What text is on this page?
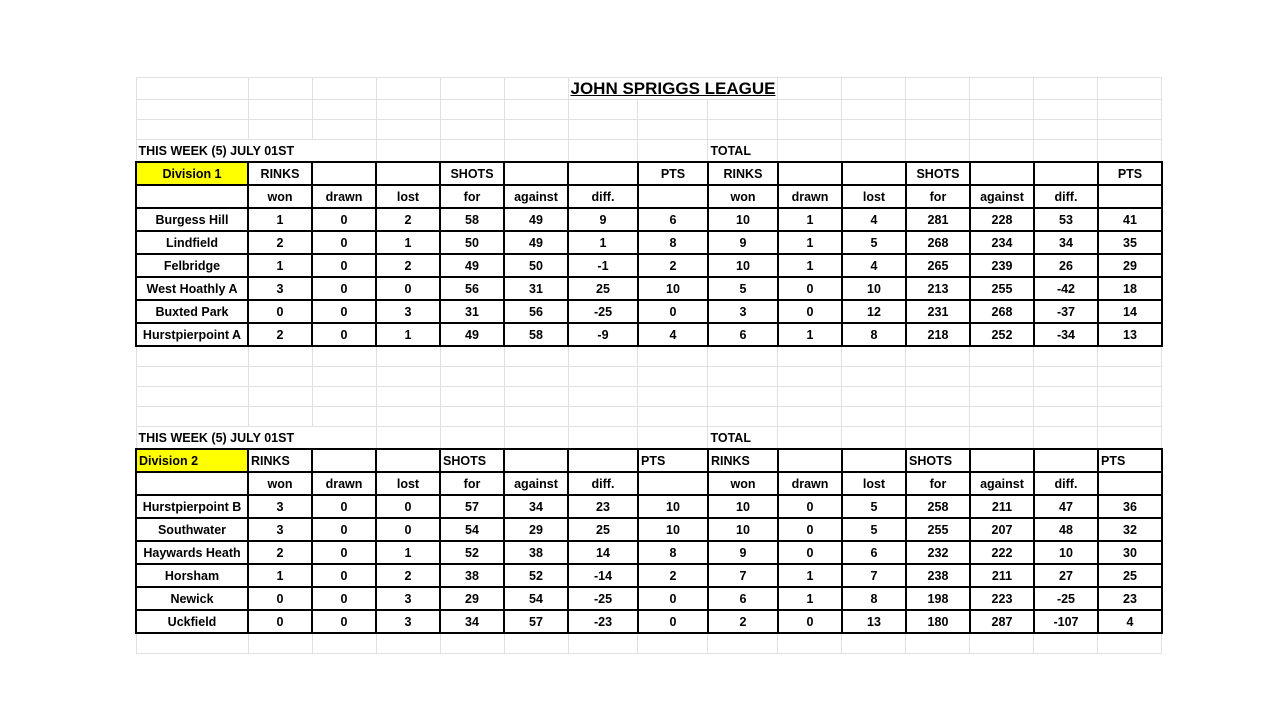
						JOHN SPRIGGS LEAGUE								

THIS WEEK (5) JULY 01ST								TOTAL						
Division 1	RINKS			SHOTS			PTS	RINKS			SHOTS			PTS
	won	drawn	lost	for	against	diff.		won	drawn	lost	for	against	diff.	
Burgess Hill	1	0	2	58	49	9	6	10	1	4	281	228	53	41
Lindfield	2	0	1	50	49	1	8	9	1	5	268	234	34	35
Felbridge	1	0	2	49	50	-1	2	10	1	4	265	239	26	29
West Hoathly A	3	0	0	56	31	25	10	5	0	10	213	255	-42	18
Buxted Park	0	0	3	31	56	-25	0	3	0	12	231	268	-37	14
Hurstpierpoint A	2	0	1	49	58	-9	4	6	1	8	218	252	-34	13

THIS WEEK (5) JULY 01ST								TOTAL						
Division 2	RINKS			SHOTS			PTS	RINKS			SHOTS			PTS
	won	drawn	lost	for	against	diff.		won	drawn	lost	for	against	diff.	
Hurstpierpoint B	3	0	0	57	34	23	10	10	0	5	258	211	47	36
Southwater	3	0	0	54	29	25	10	10	0	5	255	207	48	32
Haywards Heath	2	0	1	52	38	14	8	9	0	6	232	222	10	30
Horsham	1	0	2	38	52	-14	2	7	1	7	238	211	27	25
Newick	0	0	3	29	54	-25	0	6	1	8	198	223	-25	23
Uckfield	0	0	3	34	57	-23	0	2	0	13	180	287	-107	4
